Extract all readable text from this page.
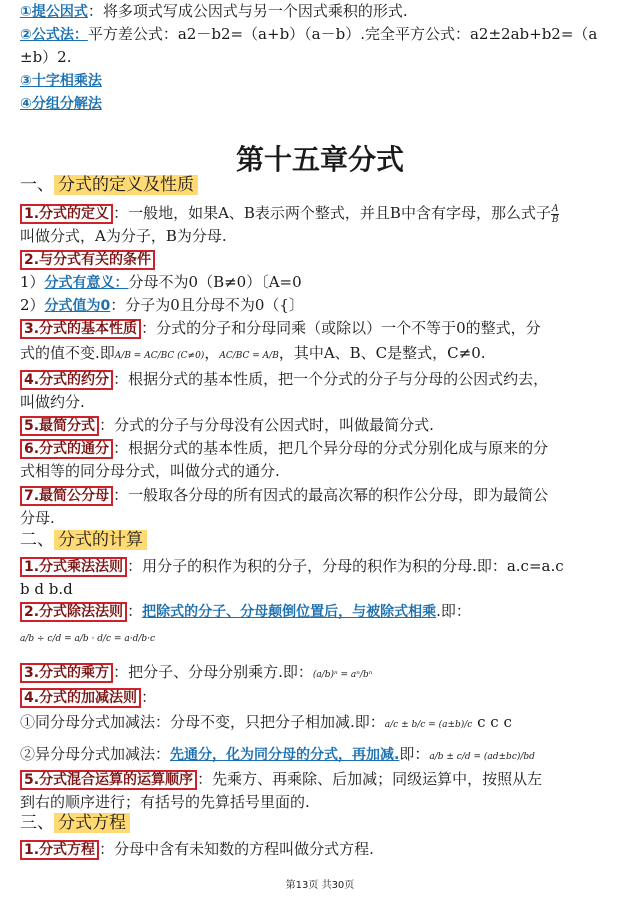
①提公因式：将多项式写成公因式与另一个因式乘积的形式.
②公式法：平方差公式：a2－b2=（a+b）（a－b）.完全平方公式：a2±2ab+b2=（a
±b）2.
③十字相乘法
④分组分解法
第十五章分式
一、 分式的定义及性质
1.分式的定义 ：一般地，如果A、B表示两个整式，并且B中含有字母，那么式子 $\frac{A}{B}$
叫做分式，A为分子，B为分母.
2.与分式有关的条件
1）分式有意义：分母不为0（B≠0）〔A=0
2）分式值为0：分子为0且分母不为0（{〕
3.分式的基本性质 ：分式的分子和分母同乘（或除以）一个不等于0的整式，分
式的值不变.即A/B = AC/BC (C≠0)，AC/BC = A/B，其中A、B、C是整式，C≠0.
4.分式的约分 ：根据分式的基本性质，把一个分式的分子与分母的公因式约去，
叫做约分.
5.最简分式 ：分式的分子与分母没有公因式时，叫做最简分式.
6.分式的通分 ：根据分式的基本性质，把几个异分母的分式分别化成与原来的分
式相等的同分母分式，叫做分式的通分.
7.最简公分母 ：一般取各分母的所有因式的最高次幂的积作公分母，即为最简公
分母.
二、 分式的计算
1.分式乘法法则 ：用分子的积作为积的分子，分母的积作为积的分母.即：a.c=a.c
b d b.d
2.分式除法法则 ：把除式的分子、分母颠倒位置后，与被除式相乘.即：
a/b ÷ c/d = a/b · d/c = a·d/b·c
3.分式的乘方 ：把分子、分母分别乘方.即：(a/b)ⁿ = aⁿ/bⁿ
4.分式的加减法则 ：
①同分母分式加减法：分母不变，只把分子相加减.即：a/c ± b/c = (a±b)/c c c c
②异分母分式加减法：先通分，化为同分母的分式，再加减.即：a/b ± c/d = (ad±bc)/bd
5.分式混合运算的运算顺序 ：先乘方、再乘除、后加减；同级运算中，按照从左
到右的顺序进行；有括号的先算括号里面的.
三、 分式方程
1.分式方程 ：分母中含有未知数的方程叫做分式方程.
第13页 共30页
